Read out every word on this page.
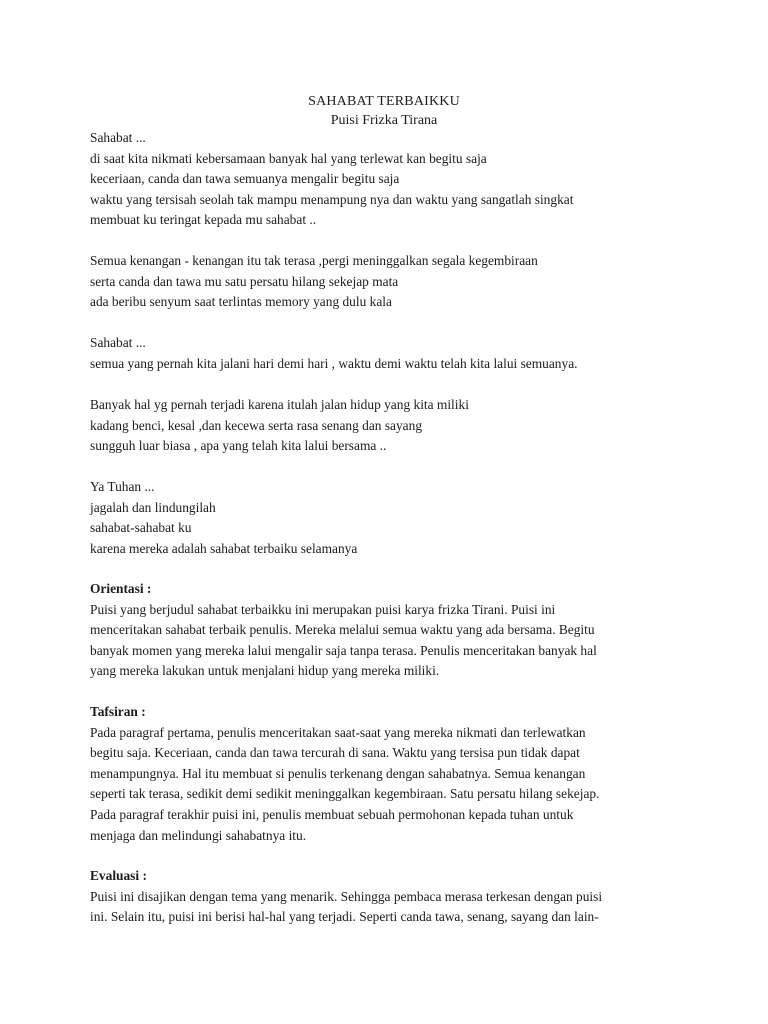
SAHABAT TERBAIKKU
Puisi Frizka Tirana
Sahabat ...
di saat kita nikmati kebersamaan banyak hal yang terlewat kan begitu saja
keceriaan, canda dan tawa semuanya mengalir begitu saja
waktu yang tersisah seolah tak mampu menampung nya dan waktu yang sangatlah singkat
membuat ku teringat kepada mu sahabat ..
Semua kenangan - kenangan itu tak terasa ,pergi meninggalkan segala kegembiraan
serta canda dan tawa mu satu persatu hilang sekejap mata
ada beribu senyum saat terlintas memory yang dulu kala
Sahabat ...
semua yang pernah kita jalani hari demi hari , waktu demi waktu telah kita lalui semuanya.
Banyak hal yg pernah terjadi karena itulah jalan hidup yang kita miliki
kadang benci, kesal ,dan kecewa serta rasa senang dan sayang
sungguh luar biasa , apa yang telah kita lalui bersama ..
Ya Tuhan ...
jagalah dan lindungilah
sahabat-sahabat ku
karena mereka adalah sahabat terbaiku selamanya
Orientasi :
Puisi yang berjudul sahabat terbaikku ini merupakan puisi karya frizka Tirani. Puisi ini
menceritakan sahabat terbaik penulis. Mereka melalui semua waktu yang ada bersama. Begitu
banyak momen yang mereka lalui mengalir saja tanpa terasa. Penulis menceritakan banyak hal
yang mereka lakukan untuk menjalani hidup yang mereka miliki.
Tafsiran :
Pada paragraf pertama, penulis menceritakan saat-saat yang mereka nikmati dan terlewatkan
begitu saja. Keceriaan, canda dan tawa tercurah di sana. Waktu yang tersisa pun tidak dapat
menampungnya. Hal itu membuat si penulis terkenang dengan sahabatnya. Semua kenangan
seperti tak terasa, sedikit demi sedikit meninggalkan kegembiraan. Satu persatu hilang sekejap.
Pada paragraf terakhir puisi ini, penulis membuat sebuah permohonan kepada tuhan untuk
menjaga dan melindungi sahabatnya itu.
Evaluasi :
Puisi ini disajikan dengan tema yang menarik. Sehingga pembaca merasa terkesan dengan puisi
ini. Selain itu, puisi ini berisi hal-hal yang terjadi. Seperti canda tawa, senang, sayang dan lain-
